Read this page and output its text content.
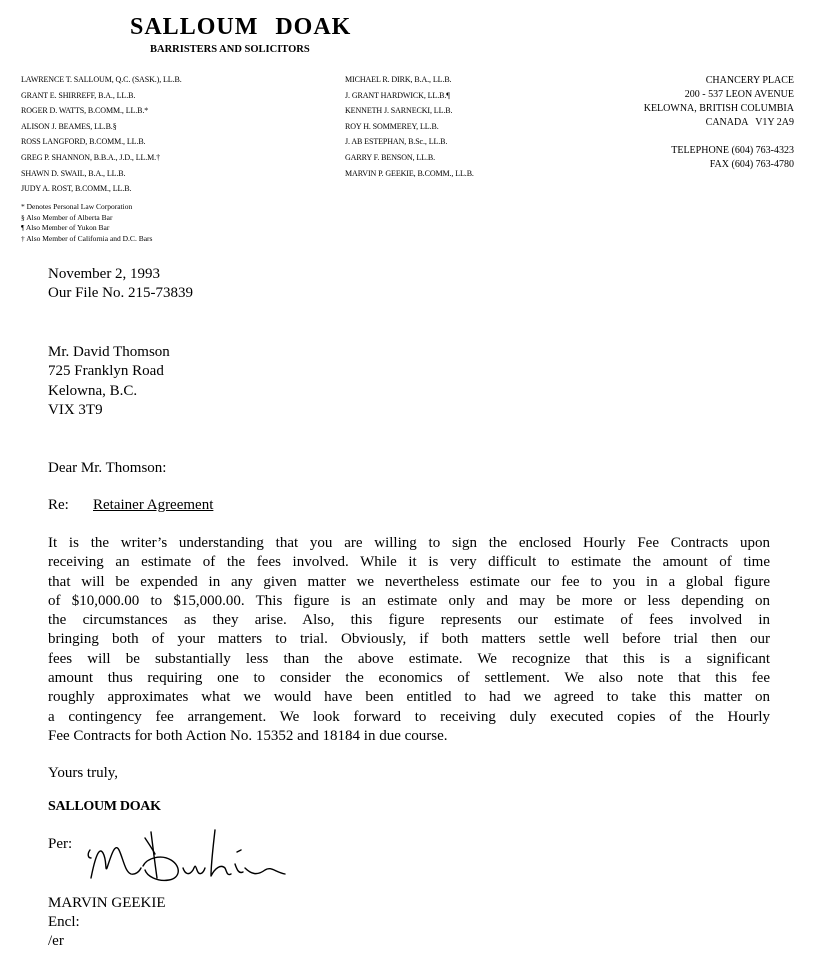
SALLOUM DOAK
BARRISTERS AND SOLICITORS
LAWRENCE T. SALLOUM, Q.C. (SASK.), LL.B.
GRANT E. SHIRREFF, B.A., LL.B.
ROGER D. WATTS, B.COMM., LL.B.*
ALISON J. BEAMES, LL.B.§
ROSS LANGFORD, B.COMM., LL.B.
GREG P. SHANNON, B.B.A., J.D., LL.M.†
SHAWN D. SWAIL, B.A., LL.B.
JUDY A. ROST, B.COMM., LL.B.
MICHAEL R. DIRK, B.A., LL.B.
J. GRANT HARDWICK, LL.B.¶
KENNETH J. SARNECKI, LL.B.
ROY H. SOMMEREY, LL.B.
J. AB ESTEPHAN, B.Sc., LL.B.
GARRY F. BENSON, LL.B.
MARVIN P. GEEKIE, B.COMM., LL.B.
CHANCERY PLACE
200 - 537 LEON AVENUE
KELOWNA, BRITISH COLUMBIA
CANADA   V1Y 2A9
TELEPHONE (604) 763-4323
FAX (604) 763-4780
* Denotes Personal Law Corporation
§ Also Member of Alberta Bar
¶ Also Member of Yukon Bar
† Also Member of California and D.C. Bars
November 2, 1993
Our File No. 215-73839
Mr. David Thomson
725 Franklyn Road
Kelowna, B.C.
VIX 3T9
Dear Mr. Thomson:
Re: Retainer Agreement
It is the writer’s understanding that you are willing to sign the enclosed Hourly Fee Contracts upon
receiving an estimate of the fees involved. While it is very difficult to estimate the amount of time
that will be expended in any given matter we nevertheless estimate our fee to you in a global figure
of $10,000.00 to $15,000.00. This figure is an estimate only and may be more or less depending on
the circumstances as they arise. Also, this figure represents our estimate of fees involved in
bringing both of your matters to trial. Obviously, if both matters settle well before trial then our
fees will be substantially less than the above estimate. We recognize that this is a significant
amount thus requiring one to consider the economics of settlement. We also note that this fee
roughly approximates what we would have been entitled to had we agreed to take this matter on
a contingency fee arrangement. We look forward to receiving duly executed copies of the Hourly
Fee Contracts for both Action No. 15352 and 18184 in due course.
Yours truly,
SALLOUM DOAK
Per:
MARVIN GEEKIE
Encl:
/er
